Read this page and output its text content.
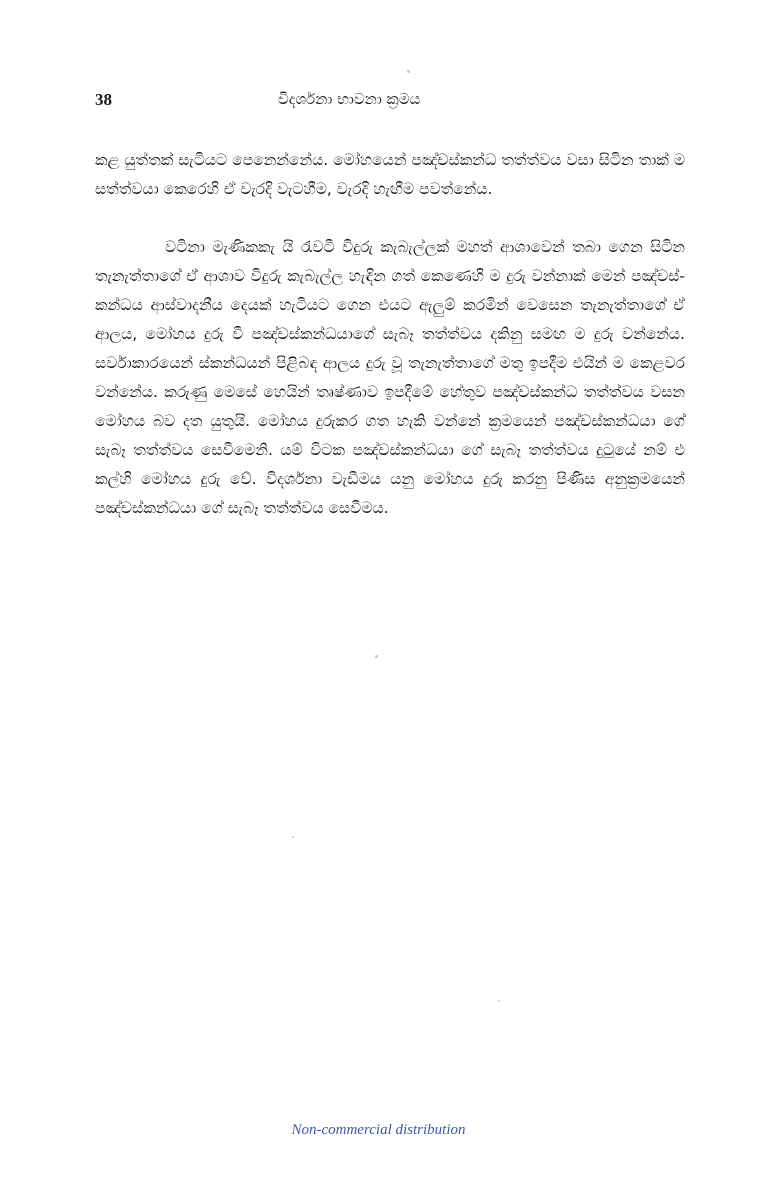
38	විදර්ශනා භාවනා ක්‍රමය

කළ යුත්තක් සැටියට පෙනෙන්නේය. මෝහයෙන් පඤ්චස්කන්ධ තත්ත්වය වසා සිටින තාක් ම සත්ත්වයා කෙරෙහි ඒ වැරදි වැටහීම, වැරදි හැඟීම පවත්නේය.

වටිනා මැණිකකැ යි රැවටී විදුරු කැබැල්ලක් මහත් ආශාවෙන් තබා ගෙන සිටින තැනැත්තාගේ ඒ ආශාව විදුරු කැබැල්ල හැඳින ගත් කෙණෙහි ම දුරු වන්නාක් මෙන් පඤ්චස්-කන්ධය ආස්වාදනීය දෙයක් හැටියට ගෙන එයට ඇලුම් කරමින් වෙසෙන තැනැත්තාගේ ඒ ආලය, මෝහය දුරු වී පඤ්චස්කන්ධයාගේ සැබෑ තත්ත්වය දකිනු සමඟ ම දුරු වන්නේය. සර්වාකාරයෙන් ස්කන්ධයන් පිළිබඳ ආලය දුරු වූ තැනැත්තාගේ මතු ඉපදීම එයින් ම කෙළවර වන්නේය. කරුණු මෙසේ හෙයින් තෘෂ්ණාව ඉපදීමේ හේතුව පඤ්චස්කන්ධ තත්ත්වය වසන මෝහය බව දත යුතුයි. මෝහය දුරුකර ගත හැකි වන්නේ ක්‍රමයෙන් පඤ්චස්කන්ධයා ගේ සැබෑ තත්ත්වය සෙවීමෙනි. යම් විටක පඤ්චස්කන්ධයා ගේ සැබෑ තත්ත්වය දුටුයේ නම් එ කල්හි මෝහය දුරු වේ. විදර්ශනා වැඩීමය යනු මෝහය දුරු කරනු පිණිස අනුක්‍රමයෙන් පඤ්චස්කන්ධයා ගේ සැබෑ තත්ත්වය සෙවීමය.

Non-commercial distribution
